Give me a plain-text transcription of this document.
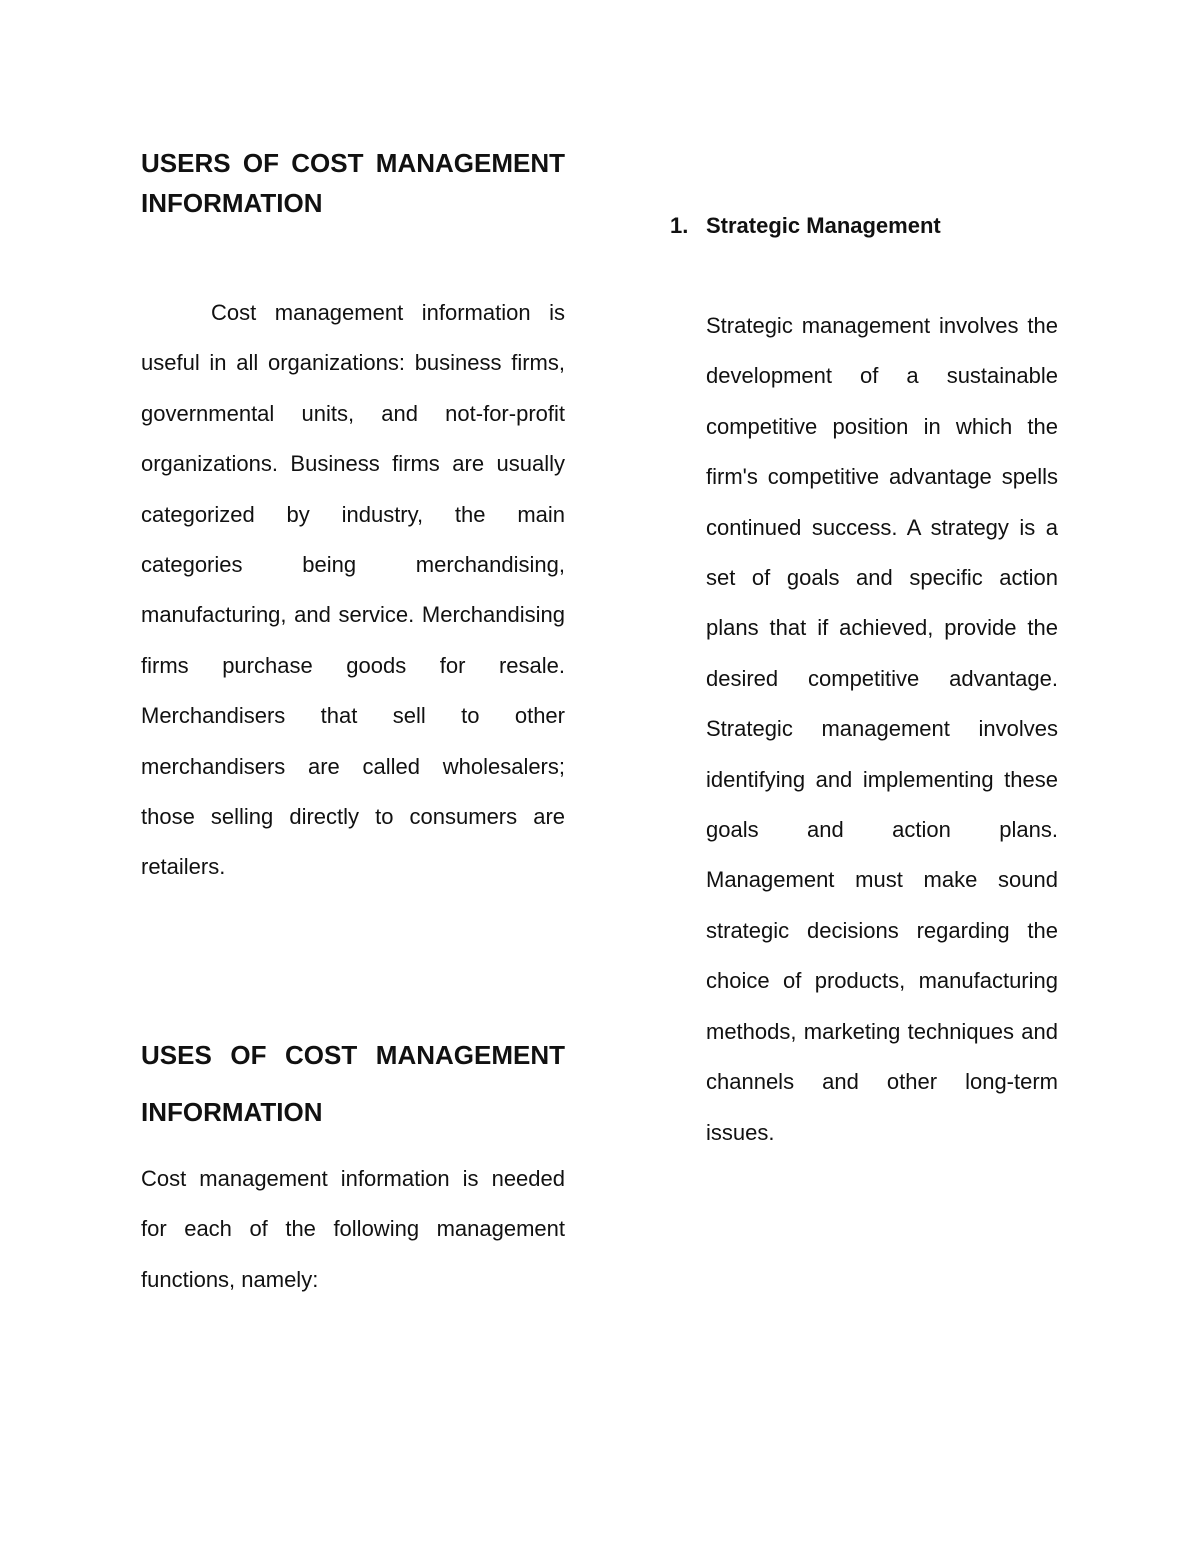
USERS OF COST MANAGEMENT INFORMATION

Cost management information is useful in all organizations: business firms, governmental units, and not-for-profit organizations. Business firms are usually categorized by industry, the main categories being merchandising, manufacturing, and service. Merchandising firms purchase goods for resale. Merchandisers that sell to other merchandisers are called wholesalers; those selling directly to consumers are retailers.

USES OF COST MANAGEMENT INFORMATION

Cost management information is needed for each of the following management functions, namely:

1. Strategic Management

Strategic management involves the development of a sustainable competitive position in which the firm's competitive advantage spells continued success. A strategy is a set of goals and specific action plans that if achieved, provide the desired competitive advantage. Strategic management involves identifying and implementing these goals and action plans. Management must make sound strategic decisions regarding the choice of products, manufacturing methods, marketing techniques and channels and other long-term issues.
